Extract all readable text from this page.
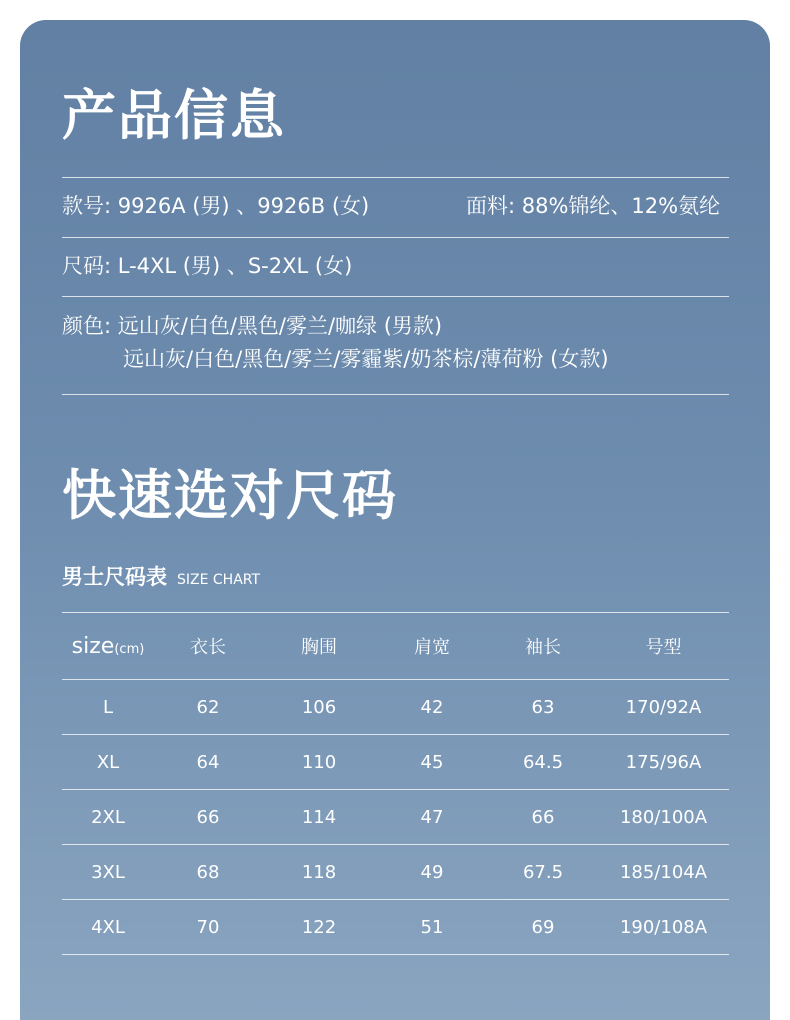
产品信息
款号: 9926A (男) 、9926B (女)	面料: 88%锦纶、12%氨纶
尺码: L-4XL (男) 、S-2XL (女)
颜色: 远山灰/白色/黑色/雾兰/咖绿 (男款)
远山灰/白色/黑色/雾兰/雾霾紫/奶茶棕/薄荷粉 (女款)
快速选对尺码
男士尺码表 SIZE CHART
size(cm)	衣长	胸围	肩宽	袖长	号型
L	62	106	42	63	170/92A
XL	64	110	45	64.5	175/96A
2XL	66	114	47	66	180/100A
3XL	68	118	49	67.5	185/104A
4XL	70	122	51	69	190/108A
